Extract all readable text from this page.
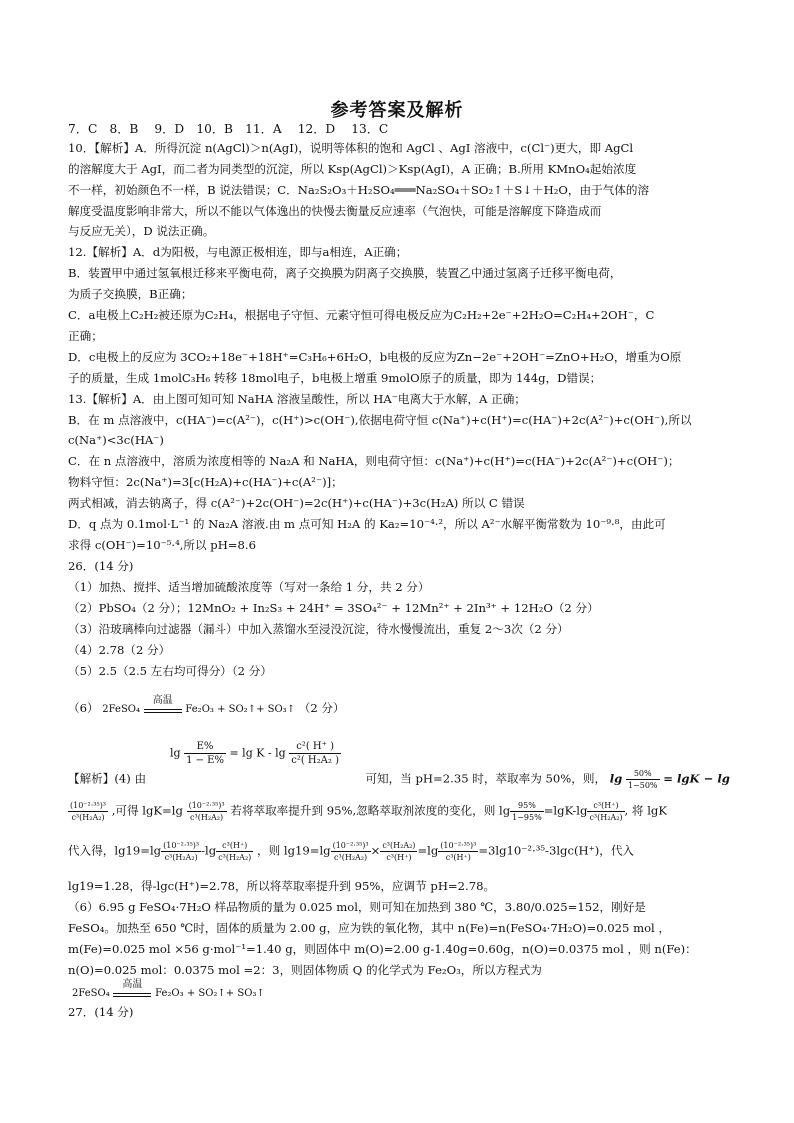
参考答案及解析
7．C　8．B　 9．D　10．B　11．A　 12．D　 13．C
10．【解析】A．所得沉淀 n(AgCl)＞n(AgI)，说明等体积的饱和 AgCl 、AgI 溶液中，c(Cl⁻)更大，即 AgCl
的溶解度大于 AgI，而二者为同类型的沉淀，所以 Ksp(AgCl)＞Ksp(AgI)，A 正确；B.所用 KMnO₄起始浓度
不一样，初始颜色不一样，B 说法错误；C．Na₂S₂O₃＋H₂SO₄═══Na₂SO₄＋SO₂↑＋S↓＋H₂O，由于气体的溶
解度受温度影响非常大，所以不能以气体逸出的快慢去衡量反应速率（气泡快，可能是溶解度下降造成而
与反应无关），D 说法正确。
12.【解析】A．d为阳极，与电源正极相连，即与a相连，A正确；
B．装置甲中通过氢氧根迁移来平衡电荷，离子交换膜为阴离子交换膜，装置乙中通过氢离子迁移平衡电荷，
为质子交换膜，B正确；
C．a电极上C₂H₂被还原为C₂H₄，根据电子守恒、元素守恒可得电极反应为C₂H₂+2e⁻+2H₂O=C₂H₄+2OH⁻，C
正确；
D．c电极上的反应为 3CO₂+18e⁻+18H⁺=C₃H₆+6H₂O，b电极的反应为Zn−2e⁻+2OH⁻=ZnO+H₂O，增重为O原
子的质量，生成 1molC₃H₆ 转移 18mol电子，b电极上增重 9molO原子的质量，即为 144g，D错误；
13.【解析】A．由上图可知可知 NaHA 溶液呈酸性，所以 HA⁻电离大于水解，A 正确；
B．在 m 点溶液中，c(HA⁻)=c(A²⁻)，c(H⁺)>c(OH⁻),依据电荷守恒 c(Na⁺)+c(H⁺)=c(HA⁻)+2c(A²⁻)+c(OH⁻),所以
c(Na⁺)<3c(HA⁻)
C．在 n 点溶液中，溶质为浓度相等的 Na₂A 和 NaHA，则电荷守恒：c(Na⁺)+c(H⁺)=c(HA⁻)+2c(A²⁻)+c(OH⁻)；
物料守恒：2c(Na⁺)=3[c(H₂A)+c(HA⁻)+c(A²⁻)]；
两式相减，消去钠离子，得 c(A²⁻)+2c(OH⁻)=2c(H⁺)+c(HA⁻)+3c(H₂A) 所以 C 错误
D．q 点为 0.1mol·L⁻¹ 的 Na₂A 溶液.由 m 点可知 H₂A 的 Ka₂=10⁻⁴·²，所以 A²⁻水解平衡常数为 10⁻⁹·⁸，由此可
求得 c(OH⁻)=10⁻⁵·⁴,所以 pH=8.6
26．(14 分)
（1）加热、搅拌、适当增加硫酸浓度等（写对一条给 1 分，共 2 分）
（2）PbSO₄（2 分）；12MnO₂ + In₂S₃ + 24H⁺ = 3SO₄²⁻ + 12Mn²⁺ + 2In³⁺ + 12H₂O（2 分）
（3）沿玻璃棒向过滤器（漏斗）中加入蒸馏水至浸没沉淀，待水慢慢流出，重复 2～3次（2 分）
（4）2.78（2 分）
（5）2.5（2.5 左右均可得分）（2 分）
（6） 2FeSO₄
高温
Fe₂O₃ + SO₂↑+ SO₃↑ （2 分）
$\lg \frac{E\%}{1 - E\%} = \lg K - \lg \frac{\text{c²( H⁺ )}}{\text{c²( H₂A₂ )}}$
【解析】(4) 由	可知，当 pH=2.35 时，萃取率为 50%，则， $\lg \frac{50\%}{1-50\%} = \lg K - \lg$
$\frac{\text{(10⁻²·³⁵)³}}{\text{c³(H₂A₂)}}$ ,可得 $\lg K=\lg \frac{\text{(10⁻²·³⁵)³}}{\text{c³(H₂A₂)}}$ 若将萃取率提升到 95%,忽略萃取剂浓度的变化，则 $\lg \frac{95\%}{1-95\%} =\lg K-\lg \frac{\text{c³(H⁺)}}{\text{c³(H₂A₂)}}$ , 将 lgK
代入得，$\lg 19=\lg \frac{\text{(10⁻²·³⁵)³}}{\text{c³(H₂A₂)}} -\lg \frac{\text{c³(H⁺)}}{\text{c³(H₂A₂)}}$ ，则 $\lg 19=\lg \frac{\text{(10⁻²·³⁵)³}}{\text{c³(H₂A₂)}} \times \frac{\text{c³(H₂A₂)}}{\text{c³(H⁺)}} =\lg \frac{\text{(10⁻²·³⁵)³}}{\text{c³(H⁺)}} =3\lg 10^{-2}\cdot^{35}-3\lg c(H^+)$，代入
lg19=1.28，得-lgc(H⁺)=2.78，所以将萃取率提升到 95%，应调节 pH=2.78。
（6）6.95 g FeSO₄·7H₂O 样品物质的量为 0.025 mol，则可知在加热到 380 ℃，3.80/0.025=152，刚好是
FeSO₄。加热至 650 ℃时，固体的质量为 2.00 g，应为铁的氧化物，其中 n(Fe)=n(FeSO₄·7H₂O)=0.025 mol ，
m(Fe)=0.025 mol ×56 g·mol⁻¹=1.40 g，则固体中 m(O)=2.00 g-1.40g=0.60g，n(O)=0.0375 mol ，则 n(Fe)：
n(O)=0.025 mol：0.0375 mol =2：3，则固体物质 Q 的化学式为 Fe₂O₃，所以方程式为
2FeSO₄
高温
Fe₂O₃ + SO₂↑+ SO₃↑
27．(14 分)
